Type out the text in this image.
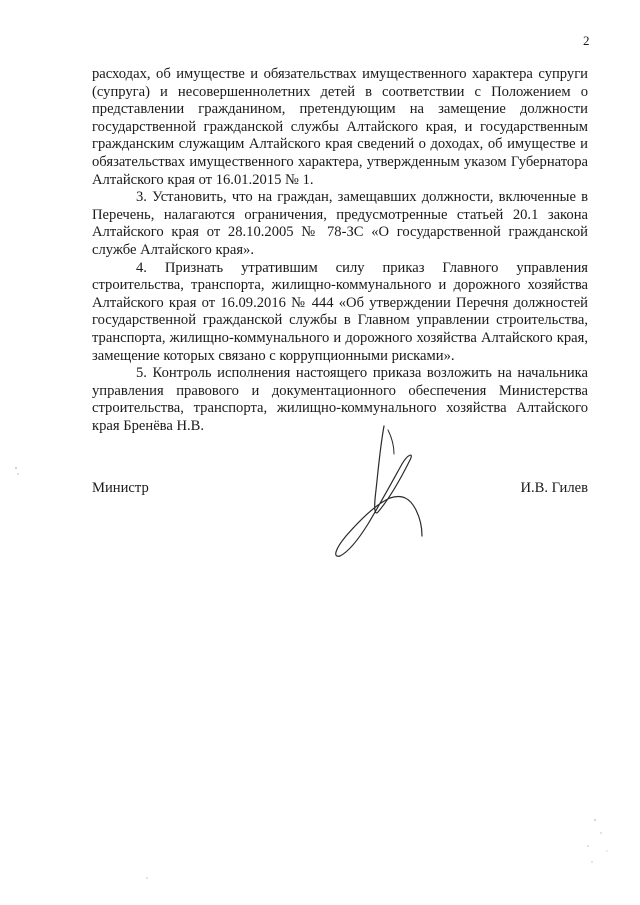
2

расходах, об имуществе и обязательствах имущественного характера супруги (супруга) и несовершеннолетних детей в соответствии с Положением о представлении гражданином, претендующим на замещение должности государственной гражданской службы Алтайского края, и государственным гражданским служащим Алтайского края сведений о доходах, об имуществе и обязательствах имущественного характера, утвержденным указом Губернатора Алтайского края от 16.01.2015 № 1.

3. Установить, что на граждан, замещавших должности, включенные в Перечень, налагаются ограничения, предусмотренные статьей 20.1 закона Алтайского края от 28.10.2005 № 78-ЗС «О государственной гражданской службе Алтайского края».

4. Признать утратившим силу приказ Главного управления строительства, транспорта, жилищно-коммунального и дорожного хозяйства Алтайского края от 16.09.2016 № 444 «Об утверждении Перечня должностей государственной гражданской службы в Главном управлении строительства, транспорта, жилищно-коммунального и дорожного хозяйства Алтайского края, замещение которых связано с коррупционными рисками».

5. Контроль исполнения настоящего приказа возложить на начальника управления правового и документационного обеспечения Министерства строительства, транспорта, жилищно-коммунального хозяйства Алтайского края Бренёва Н.В.

Министр	И.В. Гилев
